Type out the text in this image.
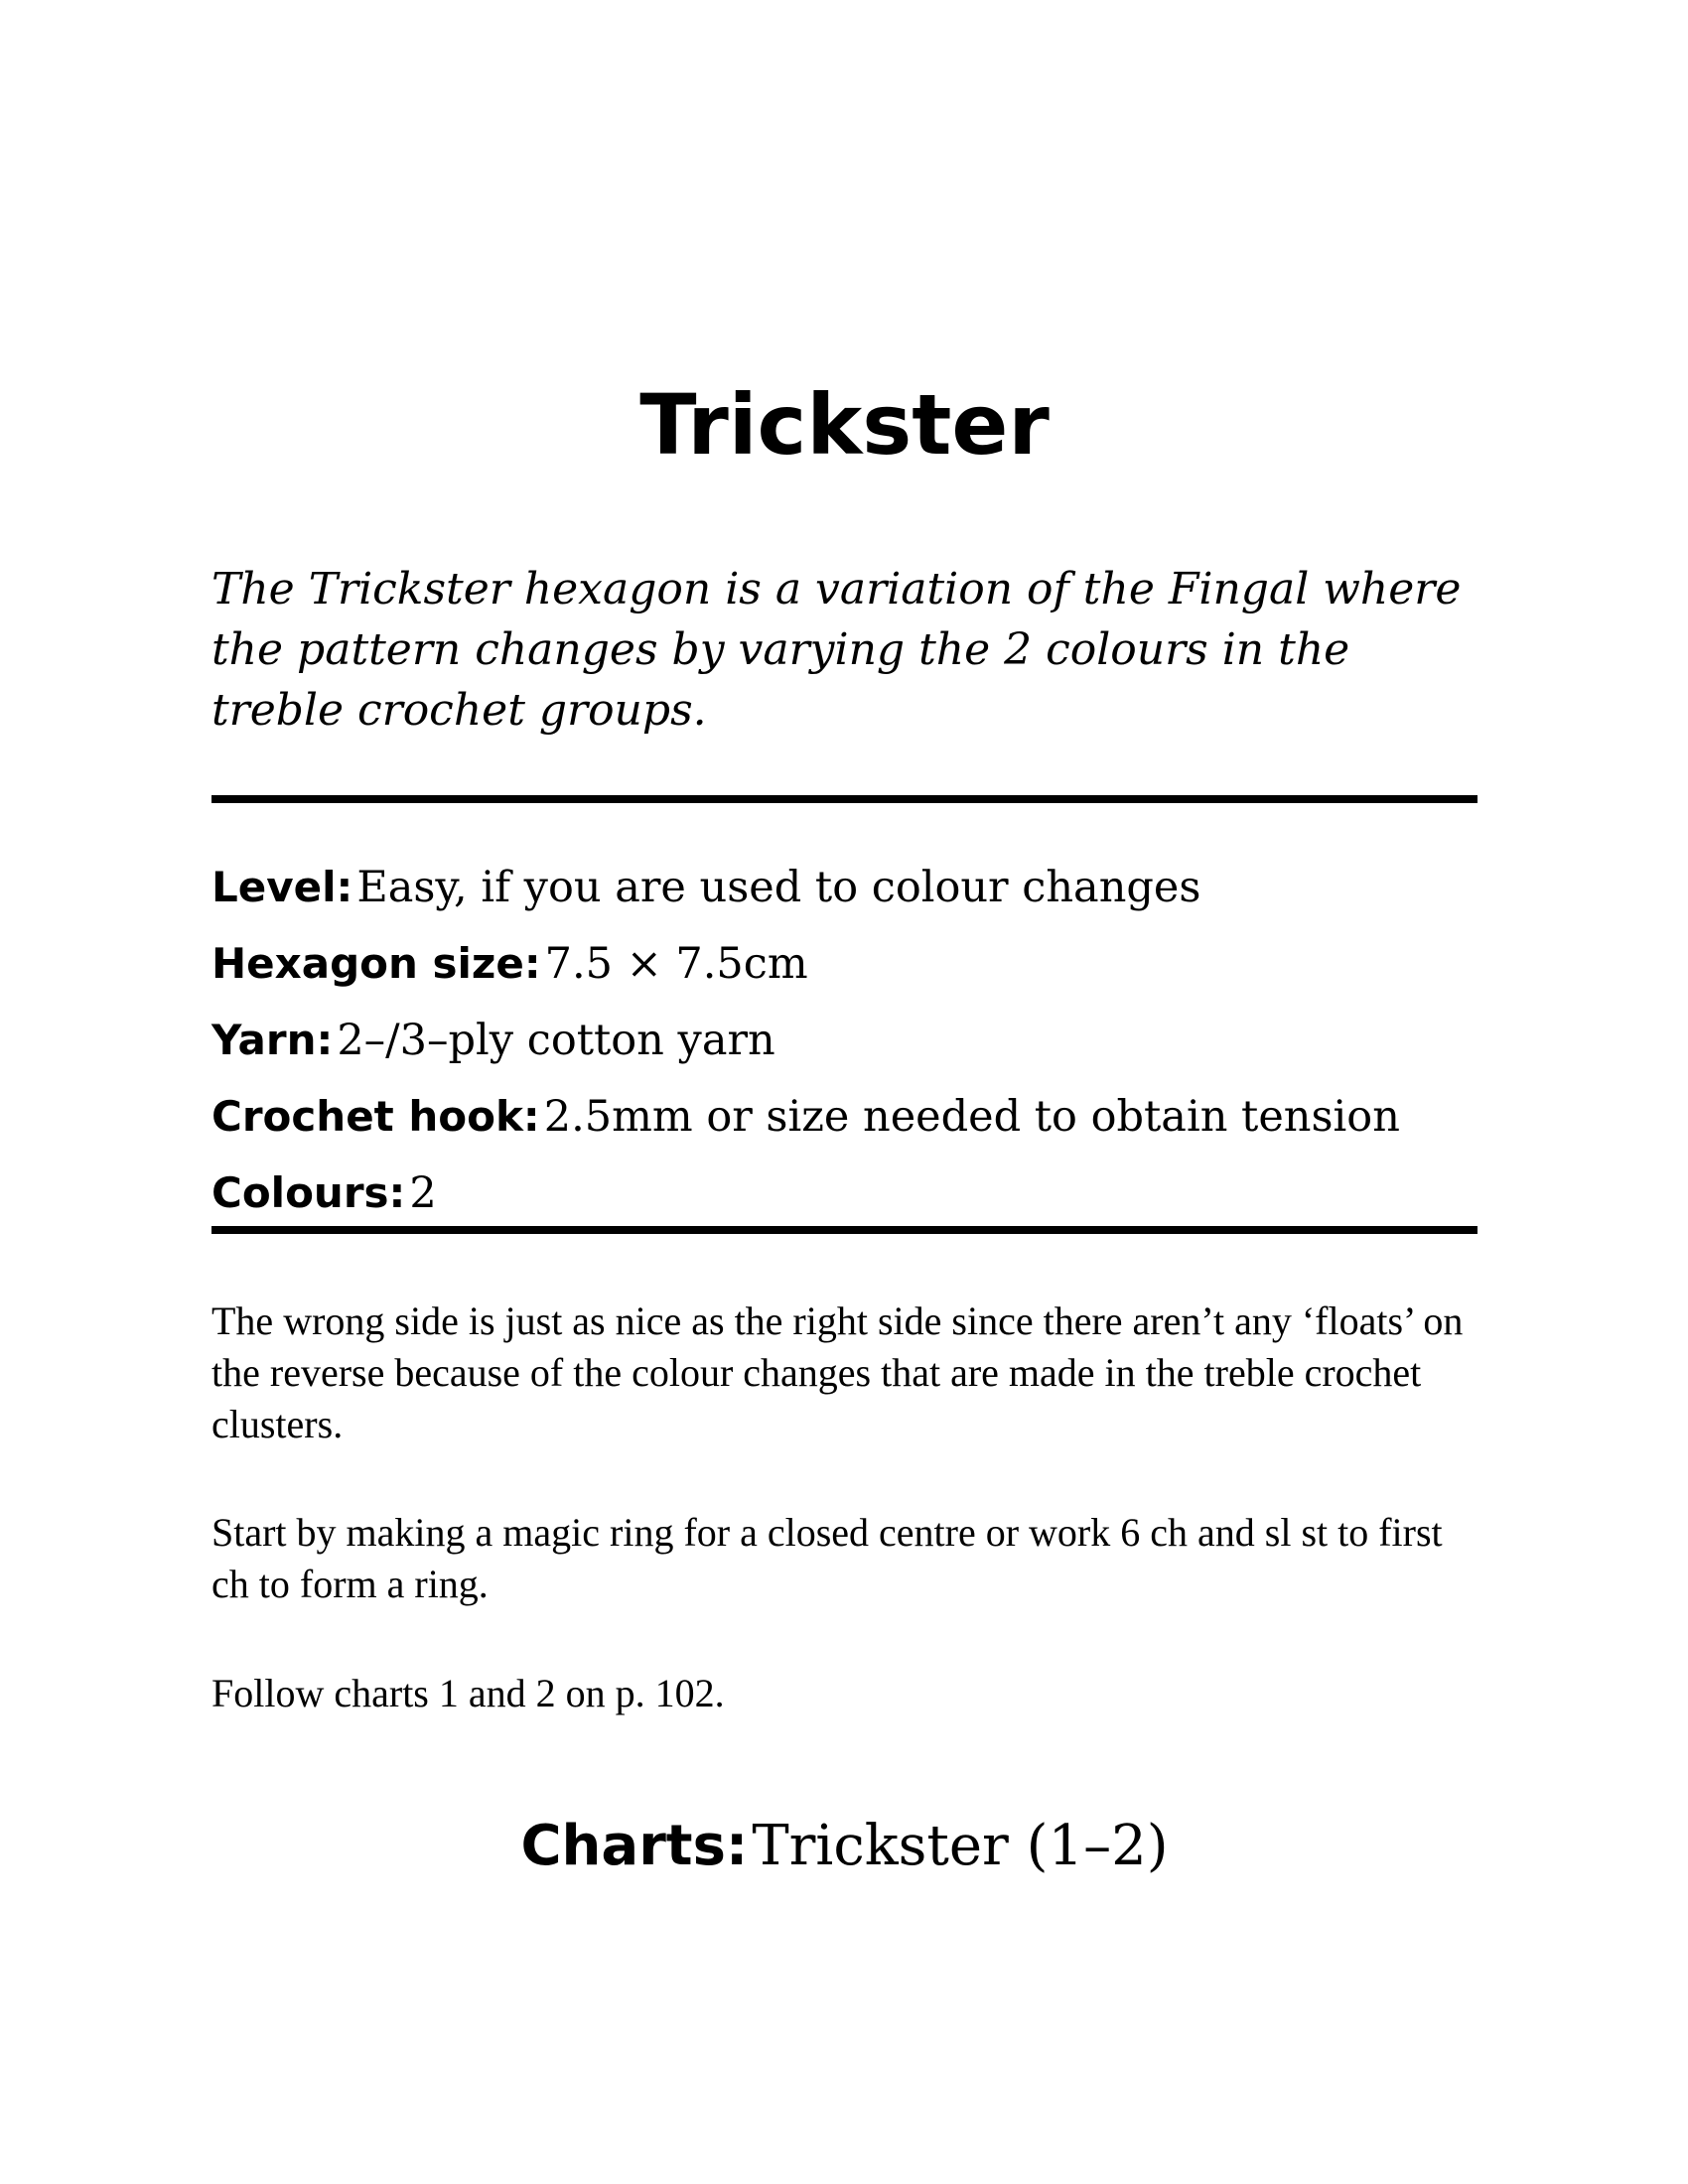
Trickster

The Trickster hexagon is a variation of the Fingal where the pattern changes by varying the 2 colours in the treble crochet groups.

Level: Easy, if you are used to colour changes
Hexagon size: 7.5 × 7.5cm
Yarn: 2–/3–ply cotton yarn
Crochet hook: 2.5mm or size needed to obtain tension
Colours: 2

The wrong side is just as nice as the right side since there aren’t any ‘floats’ on the reverse because of the colour changes that are made in the treble crochet clusters.

Start by making a magic ring for a closed centre or work 6 ch and sl st to first ch to form a ring.

Follow charts 1 and 2 on p. 102.

Charts: Trickster (1–2)
